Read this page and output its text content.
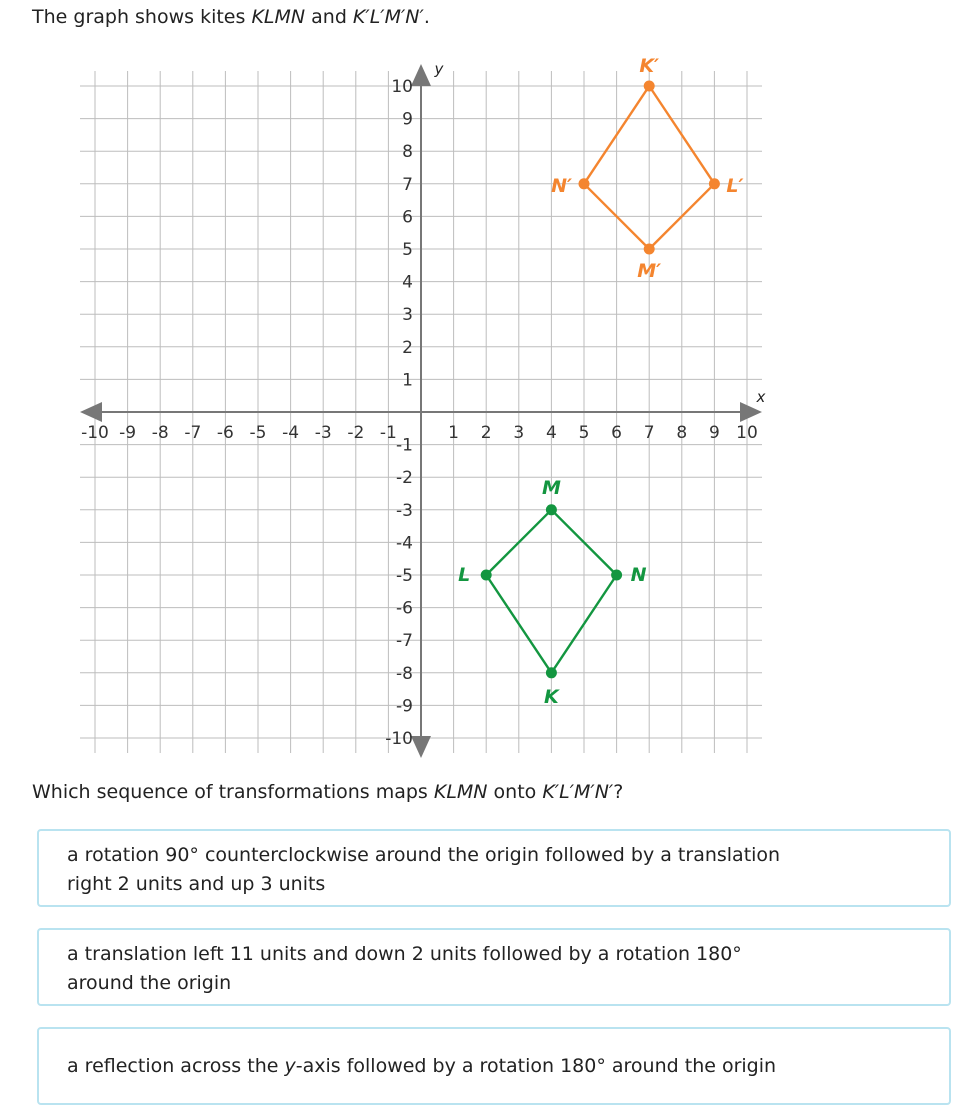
The graph shows kites KLMN and K′L′M′N′.
x
y
-10 -9 -8 -7 -6 -5 -4 -3 -2 -1	1 2 3 4 5 6 7 8 9 10
10
9
8
7
6
5
4
3
2
1
-1
-2
-3
-4
-5
-6
-7
-8
-9
-10
K
L
M
N
K′
L′
M′
N′
Which sequence of transformations maps KLMN onto K′L′M′N′?
a rotation 90° counterclockwise around the origin followed by a translation
right 2 units and up 3 units
a translation left 11 units and down 2 units followed by a rotation 180°
around the origin
a reflection across the y-axis followed by a rotation 180° around the origin
